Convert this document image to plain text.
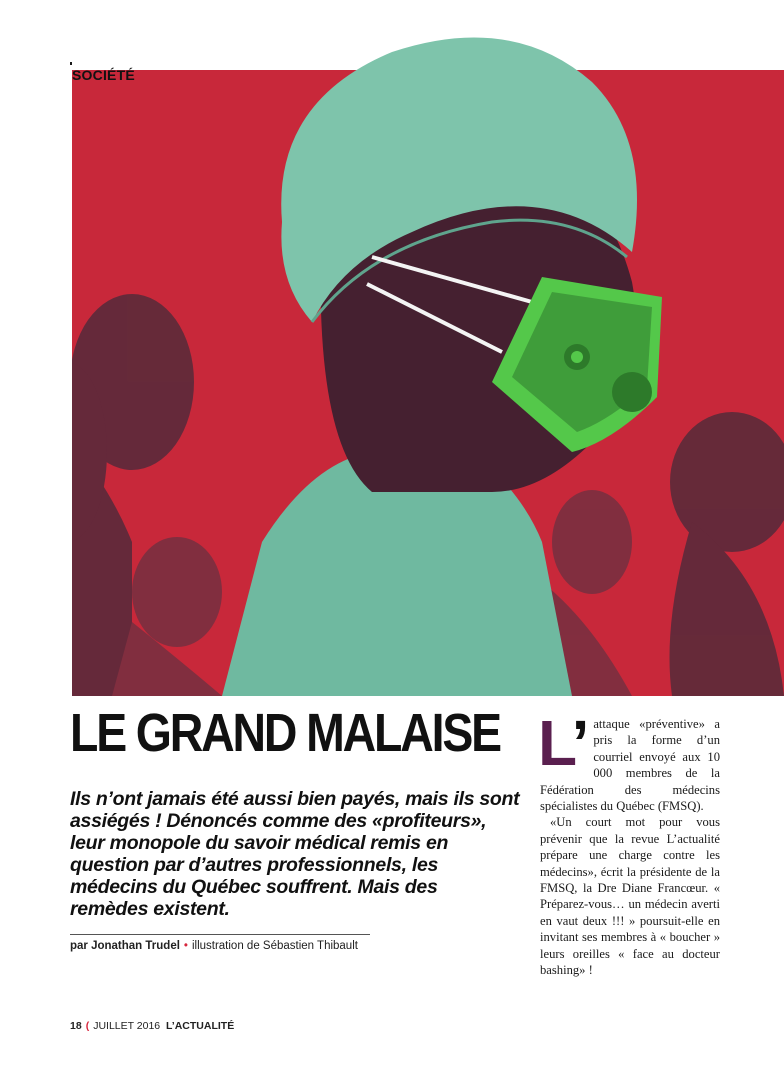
SOCIÉTÉ
LE GRAND MALAISE

Ils n’ont jamais été aussi bien payés, mais ils sont assiégés ! Dénoncés comme des «profiteurs», leur monopole du savoir médical remis en question par d’autres professionnels, les médecins du Québec souffrent. Mais des remèdes existent.

par Jonathan Trudel • illustration de Sébastien Thibault
L’ attaque «préventive» a pris la forme d’un courriel envoyé aux 10 000 membres de la Fédération des médecins spécialistes du Québec (FMSQ).

«Un court mot pour vous prévenir que la revue L’actualité prépare une charge contre les médecins», écrit la présidente de la FMSQ, la Dre Diane Francœur. « Préparez-vous… un médecin averti en vaut deux !!! » poursuit-elle en invitant ses membres à « boucher » leurs oreilles « face au docteur bashing» !

18 ( JUILLET 2016 L’ACTUALITÉ
